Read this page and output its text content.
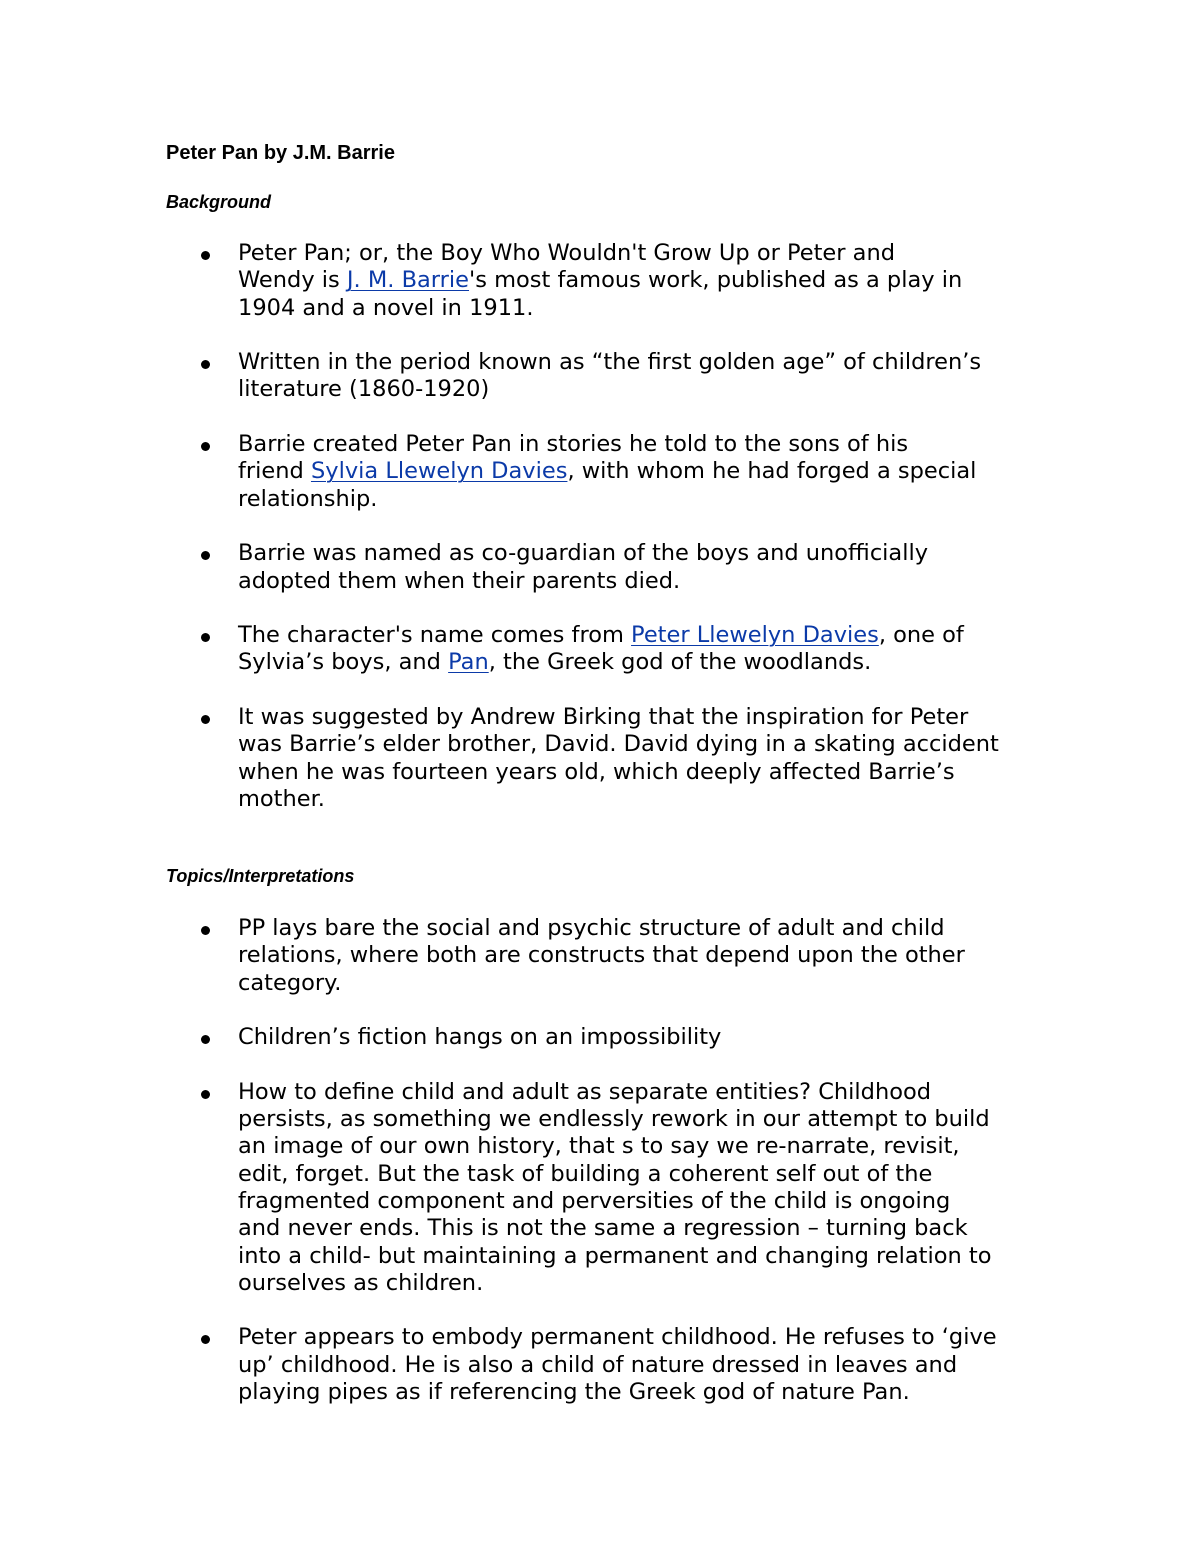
Peter Pan by J.M. Barrie
Background
Peter Pan; or, the Boy Who Wouldn't Grow Up or Peter and
Wendy is J. M. Barrie's most famous work, published as a play in
1904 and a novel in 1911.
Written in the period known as “the first golden age” of children’s
literature (1860-1920)
Barrie created Peter Pan in stories he told to the sons of his
friend Sylvia Llewelyn Davies, with whom he had forged a special
relationship.
Barrie was named as co-guardian of the boys and unofficially
adopted them when their parents died.
The character's name comes from Peter Llewelyn Davies, one of
Sylvia’s boys, and Pan, the Greek god of the woodlands.
It was suggested by Andrew Birking that the inspiration for Peter
was Barrie’s elder brother, David. David dying in a skating accident
when he was fourteen years old, which deeply affected Barrie’s
mother.
Topics/Interpretations
PP lays bare the social and psychic structure of adult and child
relations, where both are constructs that depend upon the other
category.
Children’s fiction hangs on an impossibility
How to define child and adult as separate entities? Childhood
persists, as something we endlessly rework in our attempt to build
an image of our own history, that s to say we re-narrate, revisit,
edit, forget. But the task of building a coherent self out of the
fragmented component and perversities of the child is ongoing
and never ends. This is not the same a regression – turning back
into a child- but maintaining a permanent and changing relation to
ourselves as children.
Peter appears to embody permanent childhood. He refuses to ‘give
up’ childhood. He is also a child of nature dressed in leaves and
playing pipes as if referencing the Greek god of nature Pan.
